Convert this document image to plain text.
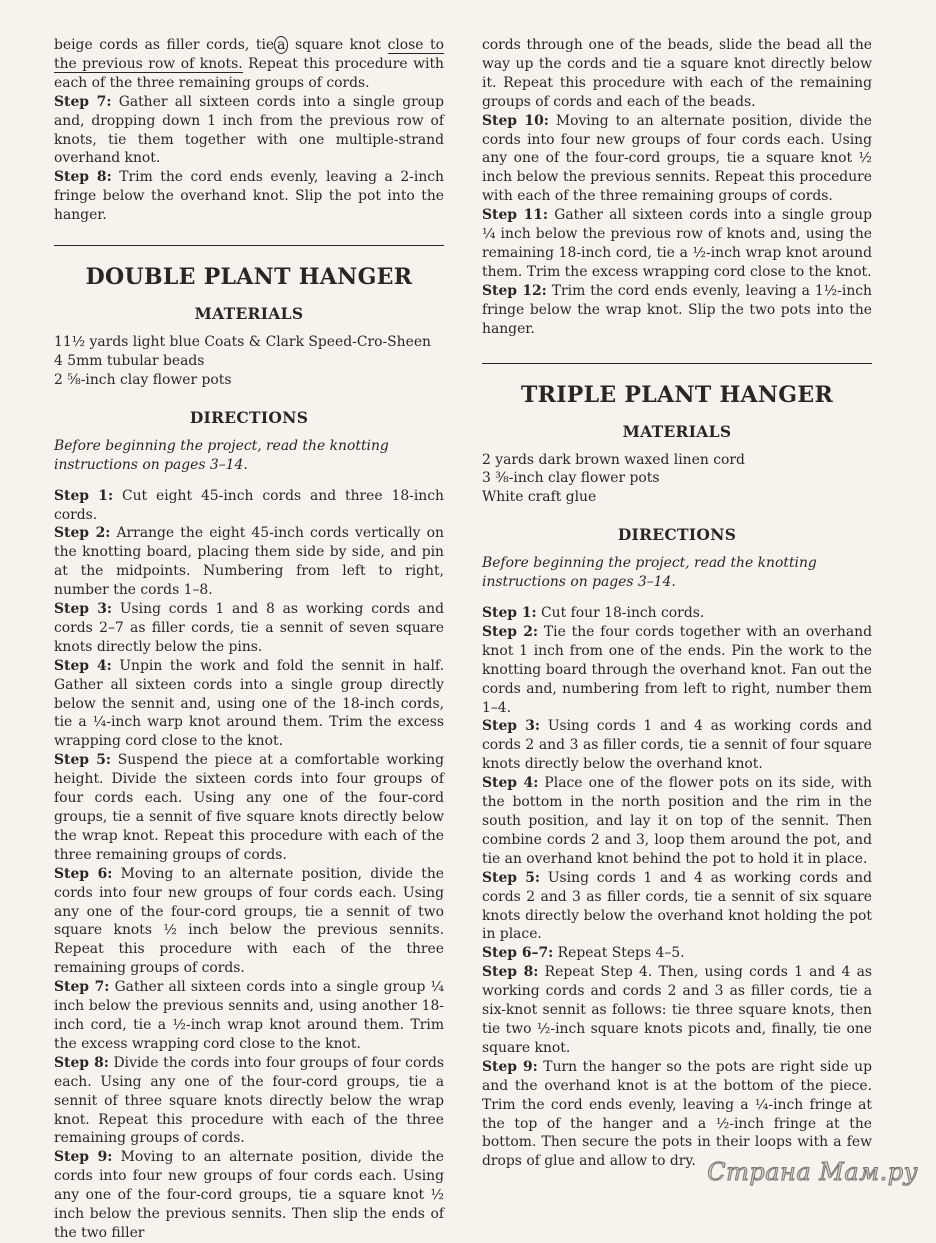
beige cords as filler cords, tie a square knot close to the previous row of knots. Repeat this procedure with each of the three remaining groups of cords.

Step 7: Gather all sixteen cords into a single group and, dropping down 1 inch from the previous row of knots, tie them together with one multiple-strand overhand knot.

Step 8: Trim the cord ends evenly, leaving a 2-inch fringe below the overhand knot. Slip the pot into the hanger.

DOUBLE PLANT HANGER
MATERIALS

11½ yards light blue Coats & Clark Speed-Cro-Sheen

4 5mm tubular beads

2 ⅝-inch clay flower pots

DIRECTIONS

Before beginning the project, read the knotting instructions on pages 3–14.

Step 1: Cut eight 45-inch cords and three 18-inch cords.

Step 2: Arrange the eight 45-inch cords vertically on the knotting board, placing them side by side, and pin at the midpoints. Numbering from left to right, number the cords 1–8.

Step 3: Using cords 1 and 8 as working cords and cords 2–7 as filler cords, tie a sennit of seven square knots directly below the pins.

Step 4: Unpin the work and fold the sennit in half. Gather all sixteen cords into a single group directly below the sennit and, using one of the 18-inch cords, tie a ¼-inch warp knot around them. Trim the excess wrapping cord close to the knot.

Step 5: Suspend the piece at a comfortable working height. Divide the sixteen cords into four groups of four cords each. Using any one of the four-cord groups, tie a sennit of five square knots directly below the wrap knot. Repeat this procedure with each of the three remaining groups of cords.

Step 6: Moving to an alternate position, divide the cords into four new groups of four cords each. Using any one of the four-cord groups, tie a sennit of two square knots ½ inch below the previous sennits. Repeat this procedure with each of the three remaining groups of cords.

Step 7: Gather all sixteen cords into a single group ¼ inch below the previous sennits and, using another 18-inch cord, tie a ½-inch wrap knot around them. Trim the excess wrapping cord close to the knot.

Step 8: Divide the cords into four groups of four cords each. Using any one of the four-cord groups, tie a sennit of three square knots directly below the wrap knot. Repeat this procedure with each of the three remaining groups of cords.

Step 9: Moving to an alternate position, divide the cords into four new groups of four cords each. Using any one of the four-cord groups, tie a square knot ½ inch below the previous sennits. Then slip the ends of the two filler

cords through one of the beads, slide the bead all the way up the cords and tie a square knot directly below it. Repeat this procedure with each of the remaining groups of cords and each of the beads.

Step 10: Moving to an alternate position, divide the cords into four new groups of four cords each. Using any one of the four-cord groups, tie a square knot ½ inch below the previous sennits. Repeat this procedure with each of the three remaining groups of cords.

Step 11: Gather all sixteen cords into a single group ¼ inch below the previous row of knots and, using the remaining 18-inch cord, tie a ½-inch wrap knot around them. Trim the excess wrapping cord close to the knot.

Step 12: Trim the cord ends evenly, leaving a 1½-inch fringe below the wrap knot. Slip the two pots into the hanger.

TRIPLE PLANT HANGER
MATERIALS

2 yards dark brown waxed linen cord

3 ⅜-inch clay flower pots

White craft glue

DIRECTIONS

Before beginning the project, read the knotting instructions on pages 3–14.

Step 1: Cut four 18-inch cords.

Step 2: Tie the four cords together with an overhand knot 1 inch from one of the ends. Pin the work to the knotting board through the overhand knot. Fan out the cords and, numbering from left to right, number them 1–4.

Step 3: Using cords 1 and 4 as working cords and cords 2 and 3 as filler cords, tie a sennit of four square knots directly below the overhand knot.

Step 4: Place one of the flower pots on its side, with the bottom in the north position and the rim in the south position, and lay it on top of the sennit. Then combine cords 2 and 3, loop them around the pot, and tie an overhand knot behind the pot to hold it in place.

Step 5: Using cords 1 and 4 as working cords and cords 2 and 3 as filler cords, tie a sennit of six square knots directly below the overhand knot holding the pot in place.

Step 6–7: Repeat Steps 4–5.

Step 8: Repeat Step 4. Then, using cords 1 and 4 as working cords and cords 2 and 3 as filler cords, tie a six-knot sennit as follows: tie three square knots, then tie two ½-inch square knots picots and, finally, tie one square knot.

Step 9: Turn the hanger so the pots are right side up and the overhand knot is at the bottom of the piece. Trim the cord ends evenly, leaving a ¼-inch fringe at the top of the hanger and a ½-inch fringe at the bottom. Then secure the pots in their loops with a few drops of glue and allow to dry. Страна Мам.ру
